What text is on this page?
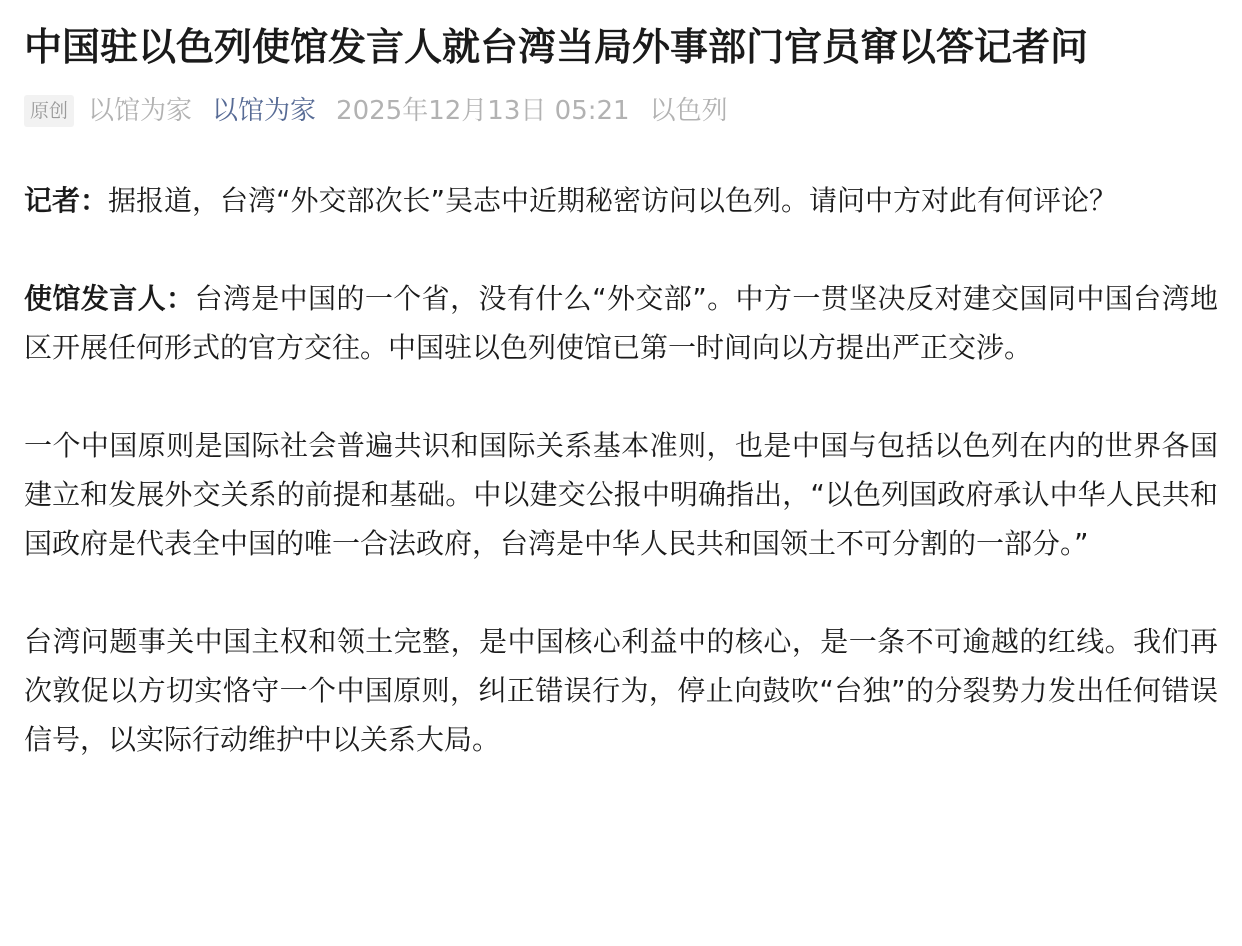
中国驻以色列使馆发言人就台湾当局外事部门官员窜以答记者问
原创 以馆为家 以馆为家 2025年12月13日 05:21 以色列

记者：据报道，台湾“外交部次长”吴志中近期秘密访问以色列。请问中方对此有何评论？

使馆发言人：台湾是中国的一个省，没有什么“外交部”。中方一贯坚决反对建交国同中国台湾地区开展任何形式的官方交往。中国驻以色列使馆已第一时间向以方提出严正交涉。

一个中国原则是国际社会普遍共识和国际关系基本准则，也是中国与包括以色列在内的世界各国建立和发展外交关系的前提和基础。中以建交公报中明确指出，“以色列国政府承认中华人民共和国政府是代表全中国的唯一合法政府，台湾是中华人民共和国领土不可分割的一部分。”

台湾问题事关中国主权和领土完整，是中国核心利益中的核心，是一条不可逾越的红线。我们再次敦促以方切实恪守一个中国原则，纠正错误行为，停止向鼓吹“台独”的分裂势力发出任何错误信号，以实际行动维护中以关系大局。
